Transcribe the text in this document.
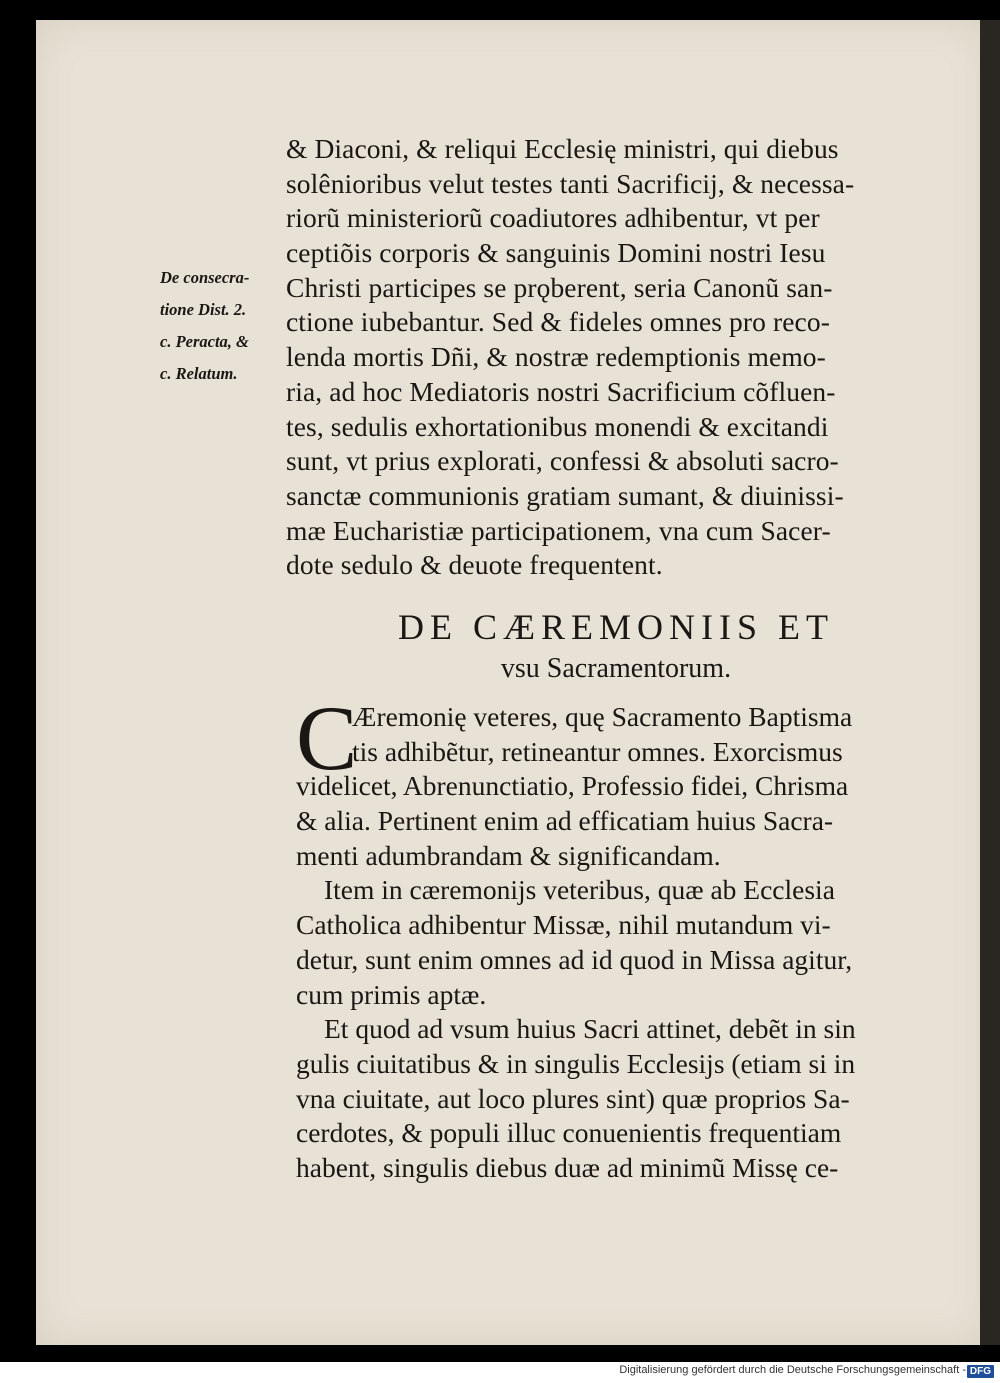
De consecra-
tione Dist. 2.
c. Peracta, &
c. Relatum.
& Diaconi, & reliqui Ecclesię ministri, qui diebus
solênioribus velut testes tanti Sacrificij, & necessa-
riorũ ministeriorũ coadiutores adhibentur, vt per
ceptiõis corporis & sanguinis Domini nostri Iesu
Christi participes se prǫberent, seria Canonũ san-
ctione iubebantur. Sed & fideles omnes pro reco-
lenda mortis Dñi, & nostræ redemptionis memo-
ria, ad hoc Mediatoris nostri Sacrificium cõfluen-
tes, sedulis exhortationibus monendi & excitandi
sunt, vt prius explorati, confessi & absoluti sacro-
sanctæ communionis gratiam sumant, & diuinissi-
mæ Eucharistiæ participationem, vna cum Sacer-
dote sedulo & deuote frequentent.
DE CÆREMONIIS ET
vsu Sacramentorum.
C
Æremonię veteres, quę Sacramento Baptisma
tis adhibẽtur, retineantur omnes. Exorcismus
videlicet, Abrenunctiatio, Professio fidei, Chrisma
& alia. Pertinent enim ad efficatiam huius Sacra-
menti adumbrandam & significandam.
Item in cæremonijs veteribus, quæ ab Ecclesia
Catholica adhibentur Missæ, nihil mutandum vi-
detur, sunt enim omnes ad id quod in Missa agitur,
cum primis aptæ.
Et quod ad vsum huius Sacri attinet, debẽt in sin
gulis ciuitatibus & in singulis Ecclesijs (etiam si in
vna ciuitate, aut loco plures sint) quæ proprios Sa-
cerdotes, & populi illuc conuenientis frequentiam
habent, singulis diebus duæ ad minimũ Missę ce-
Digitalisierung gefördert durch die Deutsche Forschungsgemeinschaft - DFG
